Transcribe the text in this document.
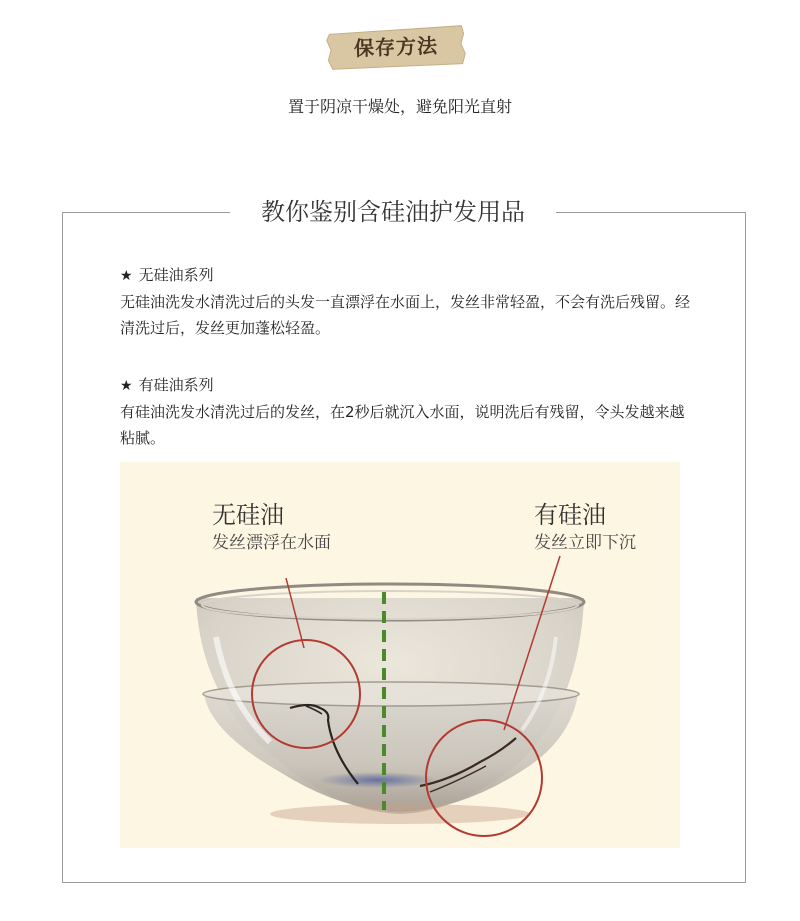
保存方法
置于阴凉干燥处，避免阳光直射
教你鉴别含硅油护发用品
★ 无硅油系列
无硅油洗发水清洗过后的头发一直漂浮在水面上，发丝非常轻盈，不会有洗后残留。经清洗过后，发丝更加蓬松轻盈。
★ 有硅油系列
有硅油洗发水清洗过后的发丝，在2秒后就沉入水面，说明洗后有残留，令头发越来越粘腻。
无硅油
发丝漂浮在水面
有硅油
发丝立即下沉
